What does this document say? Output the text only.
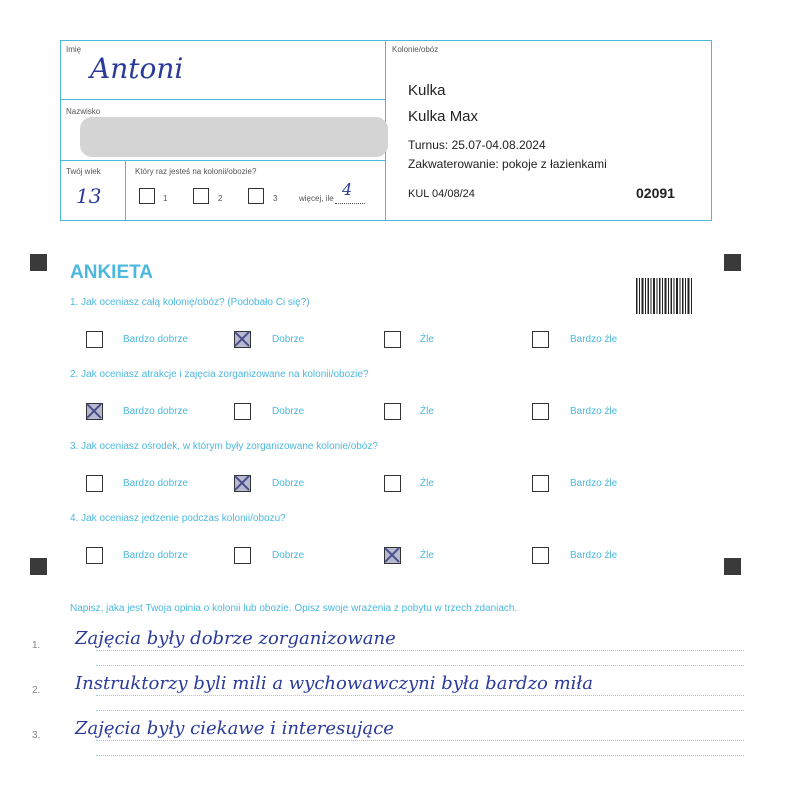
Imię
Antoni
Nazwisko
Twój wiek
13
Który raz jesteś na kolonii/obozie?
1	2	3	więcej, ile 4
Kolonie/obóz
Kulka
Kulka Max
Turnus: 25.07-04.08.2024
Zakwaterowanie: pokoje z łazienkami
KUL 04/08/24	02091
ANKIETA
1. Jak oceniasz całą kolonię/obóz? (Podobało Ci się?)
Bardzo dobrze	Dobrze	Źle	Bardzo źle
2. Jak oceniasz atrakcje i zajęcia zorganizowane na kolonii/obozie?
Bardzo dobrze	Dobrze	Źle	Bardzo źle
3. Jak oceniasz ośrodek, w którym były zorganizowane kolonie/obóz?
Bardzo dobrze	Dobrze	Źle	Bardzo źle
4. Jak oceniasz jedzenie podczas kolonii/obozu?
Bardzo dobrze	Dobrze	Źle	Bardzo źle
Napisz, jaka jest Twoja opinia o kolonii lub obozie. Opisz swoje wrażenia z pobytu w trzech zdaniach.
1. Zajęcia były dobrze zorganizowane
2. Instruktorzy byli mili a wychowawczyni była bardzo miła
3. Zajęcia były ciekawe i interesujące
